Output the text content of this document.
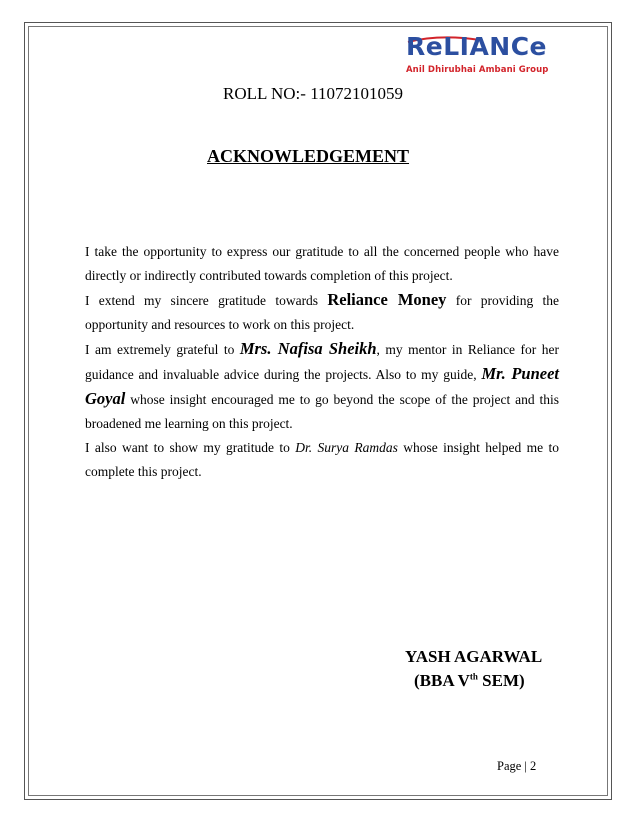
ReLIANCe
Anil Dhirubhai Ambani Group
ROLL NO:- 11072101059
ACKNOWLEDGEMENT

I take the opportunity to express our gratitude to all the concerned people who have directly or indirectly contributed towards completion of this project.

I extend my sincere gratitude towards Reliance Money for providing the opportunity and resources to work on this project.

I am extremely grateful to Mrs. Nafisa Sheikh, my mentor in Reliance for her guidance and invaluable advice during the projects. Also to my guide, Mr. Puneet Goyal whose insight encouraged me to go beyond the scope of the project and this broadened me learning on this project.

I also want to show my gratitude to Dr. Surya Ramdas whose insight helped me to complete this project.

YASH AGARWAL
(BBA Vth SEM)
Page | 2
